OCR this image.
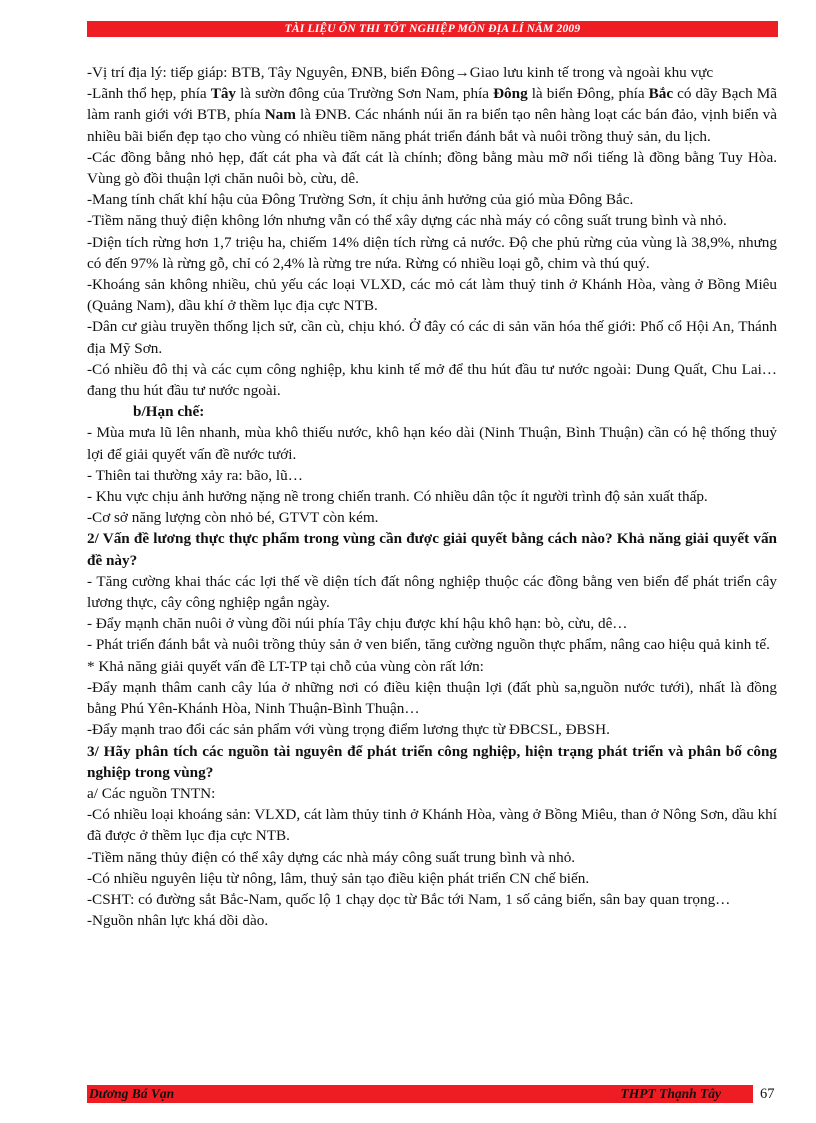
TÀI LIỆU ÔN THI TỐT NGHIỆP MÔN ĐỊA LÍ NĂM 2009

-Vị trí địa lý: tiếp giáp: BTB, Tây Nguyên, ĐNB, biển Đông→Giao lưu kinh tế trong và ngoài khu vực

-Lãnh thổ hẹp, phía Tây là sườn đông của Trường Sơn Nam, phía Đông là biển Đông, phía Bắc có dãy Bạch Mã làm ranh giới với BTB, phía Nam là ĐNB. Các nhánh núi ăn ra biển tạo nên hàng loạt các bán đảo, vịnh biển và nhiều bãi biển đẹp tạo cho vùng có nhiều tiềm năng phát triển đánh bắt và nuôi trồng thuỷ sản, du lịch.

-Các đồng bằng nhỏ hẹp, đất cát pha và đất cát là chính; đồng bằng màu mỡ nổi tiếng là đồng bằng Tuy Hòa. Vùng gò đồi thuận lợi chăn nuôi bò, cừu, dê.

-Mang tính chất khí hậu của Đông Trường Sơn, ít chịu ảnh hưởng của gió mùa Đông Bắc.

-Tiềm năng thuỷ điện không lớn nhưng vẫn có thể xây dựng các nhà máy có công suất trung bình và nhỏ.

-Diện tích rừng hơn 1,7 triệu ha, chiếm 14% diện tích rừng cả nước. Độ che phủ rừng của vùng là 38,9%, nhưng có đến 97% là rừng gỗ, chỉ có 2,4% là rừng tre nứa. Rừng có nhiều loại gỗ, chim và thú quý.

-Khoáng sản không nhiều, chủ yếu các loại VLXD, các mỏ cát làm thuỷ tinh ở Khánh Hòa, vàng ở Bồng Miêu (Quảng Nam), dầu khí ở thềm lục địa cực NTB.

-Dân cư giàu truyền thống lịch sử, cần cù, chịu khó. Ở đây có các di sản văn hóa thế giới: Phố cổ Hội An, Thánh địa Mỹ Sơn.

-Có nhiều đô thị và các cụm công nghiệp, khu kinh tế mở để thu hút đầu tư nước ngoài: Dung Quất, Chu Lai…đang thu hút đầu tư nước ngoài.

b/Hạn chế:

- Mùa mưa lũ lên nhanh, mùa khô thiếu nước, khô hạn kéo dài (Ninh Thuận, Bình Thuận) cần có hệ thống thuỷ lợi để giải quyết vấn đề nước tưới.

- Thiên tai thường xảy ra: bão, lũ…

- Khu vực chịu ảnh hưởng nặng nề trong chiến tranh. Có nhiều dân tộc ít người trình độ sản xuất thấp.

-Cơ sở năng lượng còn nhỏ bé, GTVT còn kém.

2/ Vấn đề lương thực thực phẩm trong vùng cần được giải quyết bằng cách nào? Khả năng giải quyết vấn đề này?

- Tăng cường khai thác các lợi thế về diện tích đất nông nghiệp thuộc các đồng bằng ven biển để phát triển cây lương thực, cây công nghiệp ngắn ngày.

- Đẩy mạnh chăn nuôi ở vùng đồi núi phía Tây chịu được khí hậu khô hạn: bò, cừu, dê…

- Phát triển đánh bắt và nuôi trồng thủy sản ở ven biển, tăng cường nguồn thực phẩm, nâng cao hiệu quả kinh tế.

* Khả năng giải quyết vấn đề LT-TP tại chỗ của vùng còn rất lớn:

-Đẩy mạnh thâm canh cây lúa ở những nơi có điều kiện thuận lợi (đất phù sa,nguồn nước tưới), nhất là đồng bằng Phú Yên-Khánh Hòa, Ninh Thuận-Bình Thuận…

-Đẩy mạnh trao đổi các sản phẩm với vùng trọng điểm lương thực từ ĐBCSL, ĐBSH.

3/ Hãy phân tích các nguồn tài nguyên để phát triển công nghiệp, hiện trạng phát triển và phân bố công nghiệp trong vùng?

a/ Các nguồn TNTN:

-Có nhiều loại khoáng sản: VLXD, cát làm thủy tinh ở Khánh Hòa, vàng ở Bồng Miêu, than ở Nông Sơn, dầu khí đã được ở thềm lục địa cực NTB.

-Tiềm năng thủy điện có thể xây dựng các nhà máy công suất trung bình và nhỏ.

-Có nhiều nguyên liệu từ nông, lâm, thuỷ sản tạo điều kiện phát triển CN chế biến.

-CSHT: có đường sắt Bắc-Nam, quốc lộ 1 chạy dọc từ Bắc tới Nam, 1 số cảng biển, sân bay quan trọng…

-Nguồn nhân lực khá dồi dào.

Dương Bá Vạn	THPT Thạnh Tây	67
